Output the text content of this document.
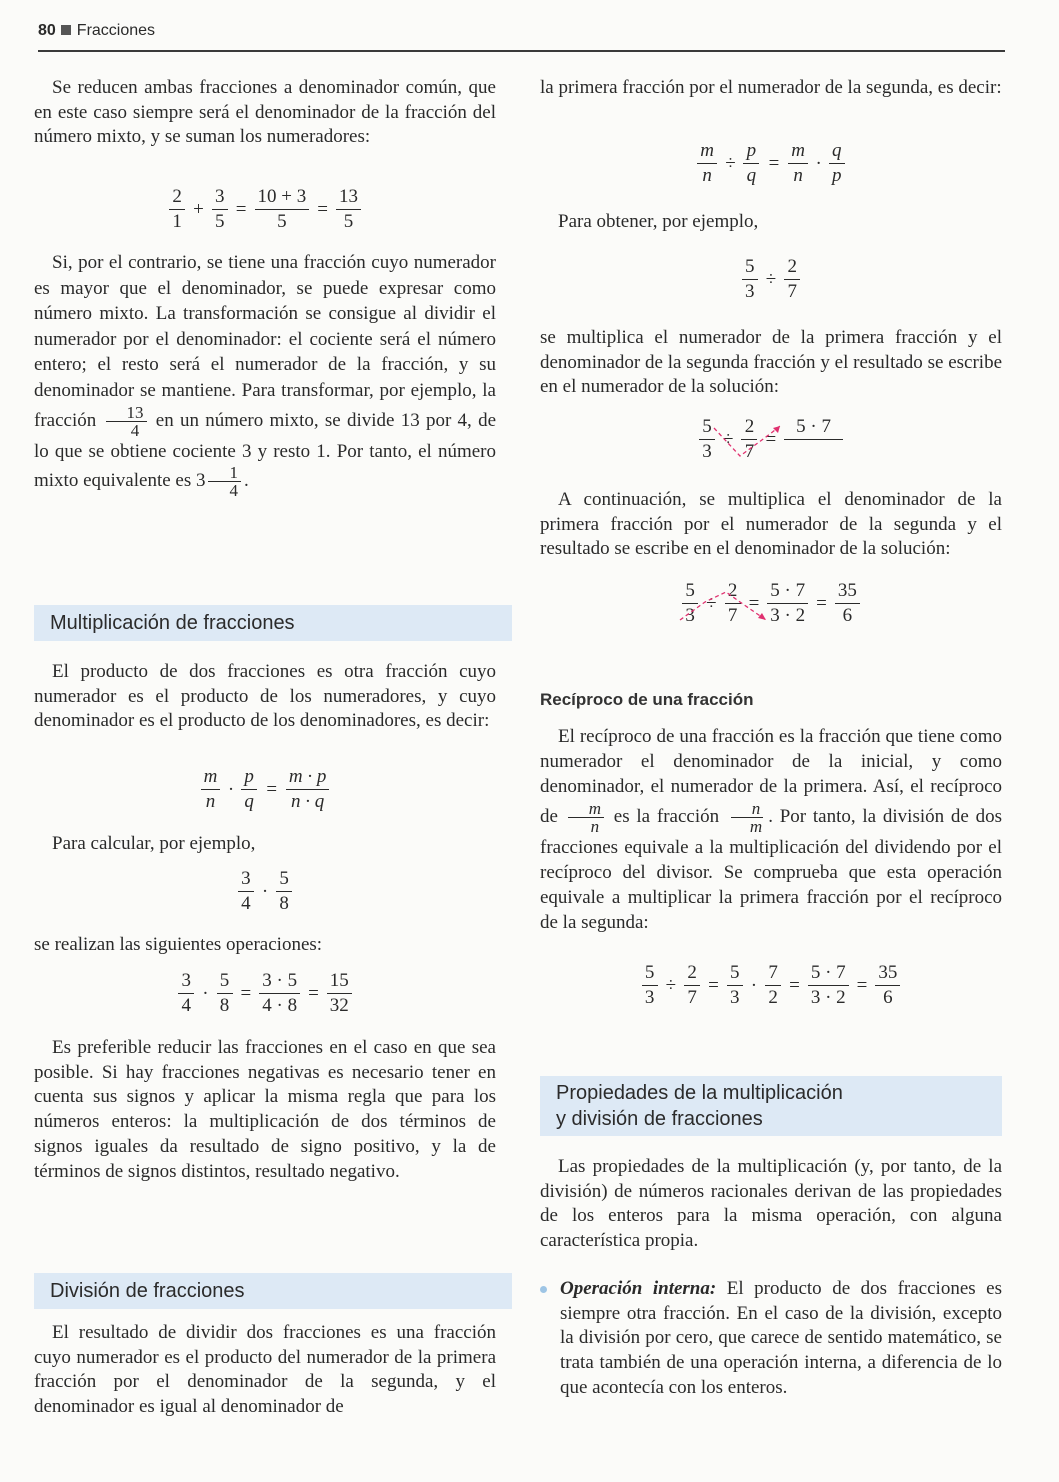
80 Fracciones

Se reducen ambas fracciones a denominador común, que en este caso siempre será el denominador de la fracción del número mixto, y se suman los numeradores:

$\frac{2}{1} + \frac{3}{5} = \frac{10 + 3}{5} = \frac{13}{5}$

Si, por el contrario, se tiene una fracción cuyo numerador es mayor que el denominador, se puede expresar como número mixto. La transformación se consigue al dividir el numerador por el denominador: el cociente será el número entero; el resto será el numerador de la fracción, y su denominador se mantiene. Para transformar, por ejemplo, la fracción $\frac{13}{4}$ en un número mixto, se divide 13 por 4, de lo que se obtiene cociente 3 y resto 1. Por tanto, el número mixto equivalente es $3 \frac{1}{4}$ .

Multiplicación de fracciones

El producto de dos fracciones es otra fracción cuyo numerador es el producto de los numeradores, y cuyo denominador es el producto de los denominadores, es decir:

$\frac{m}{n} \cdot \frac{p}{q} = \frac{m \cdot p}{n \cdot q}$

Para calcular, por ejemplo,

$\frac{3}{4} \cdot \frac{5}{8}$

se realizan las siguientes operaciones:

$\frac{3}{4} \cdot \frac{5}{8} = \frac{3 \cdot 5}{4 \cdot 8} = \frac{15}{32}$

Es preferible reducir las fracciones en el caso en que sea posible. Si hay fracciones negativas es necesario tener en cuenta sus signos y aplicar la misma regla que para los números enteros: la multiplicación de dos términos de signos iguales da resultado de signo positivo, y la de términos de signos distintos, resultado negativo.

División de fracciones

El resultado de dividir dos fracciones es una fracción cuyo numerador es el producto del numerador de la primera fracción por el denominador de la segunda, y el denominador es igual al denominador de

la primera fracción por el numerador de la segunda, es decir:

$\frac{m}{n} \div \frac{p}{q} = \frac{m}{n} \cdot \frac{q}{p}$

Para obtener, por ejemplo,

$\frac{5}{3} \div \frac{2}{7}$

se multiplica el numerador de la primera fracción y el denominador de la segunda fracción y el resultado se escribe en el numerador de la solución:

$\frac{5}{3} \div \frac{2}{7}$ =
5 · 7

A continuación, se multiplica el denominador de la primera fracción por el numerador de la segunda y el resultado se escribe en el denominador de la solución:

$\frac{5}{3} \div \frac{2}{7} = \frac{5 \cdot 7}{3 \cdot 2} = \frac{35}{6}$
Recíproco de una fracción

El recíproco de una fracción es la fracción que tiene como numerador el denominador de la inicial, y como denominador, el numerador de la primera. Así, el recíproco de $\frac{m}{n}$ es la fracción $\frac{n}{m}$ . Por tanto, la división de dos fracciones equivale a la multiplicación del dividendo por el recíproco del divisor. Se comprueba que esta operación equivale a multiplicar la primera fracción por el recíproco de la segunda:

$\frac{5}{3} \div \frac{2}{7} = \frac{5}{3} \cdot \frac{7}{2} = \frac{5 \cdot 7}{3 \cdot 2} = \frac{35}{6}$
Propiedades de la multiplicación
y división de fracciones

Las propiedades de la multiplicación (y, por tanto, de la división) de números racionales derivan de las propiedades de los enteros para la misma operación, con alguna característica propia.

Operación interna: El producto de dos fracciones es siempre otra fracción. En el caso de la división, excepto la división por cero, que carece de sentido matemático, se trata también de una operación interna, a diferencia de lo que acontecía con los enteros.
